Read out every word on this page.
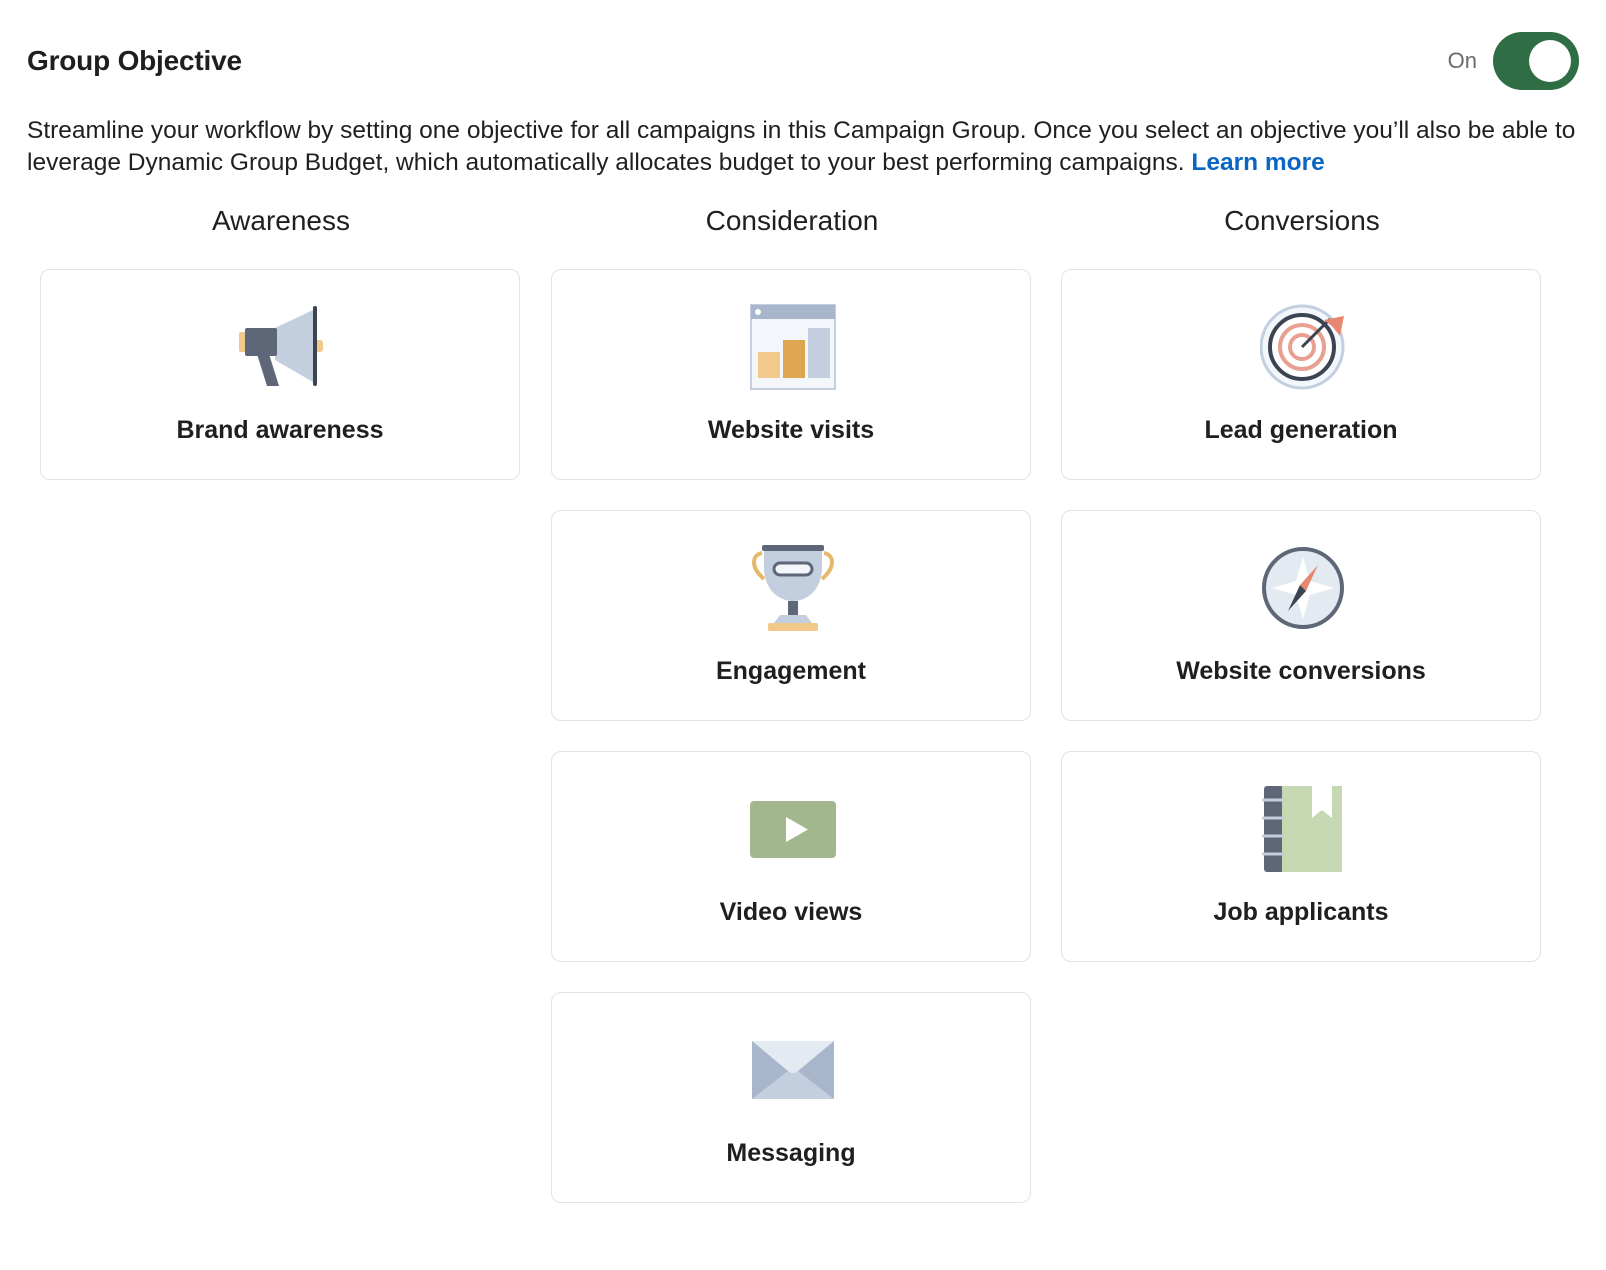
Group Objective	On
Streamline your workflow by setting one objective for all campaigns in this Campaign Group. Once you select an objective you’ll also be able to leverage Dynamic Group Budget, which automatically allocates budget to your best performing campaigns. Learn more
Awareness	Consideration	Conversions
Brand awareness	Website visits
Engagement
Video views
Messaging
Lead generation
Website conversions
Job applicants
